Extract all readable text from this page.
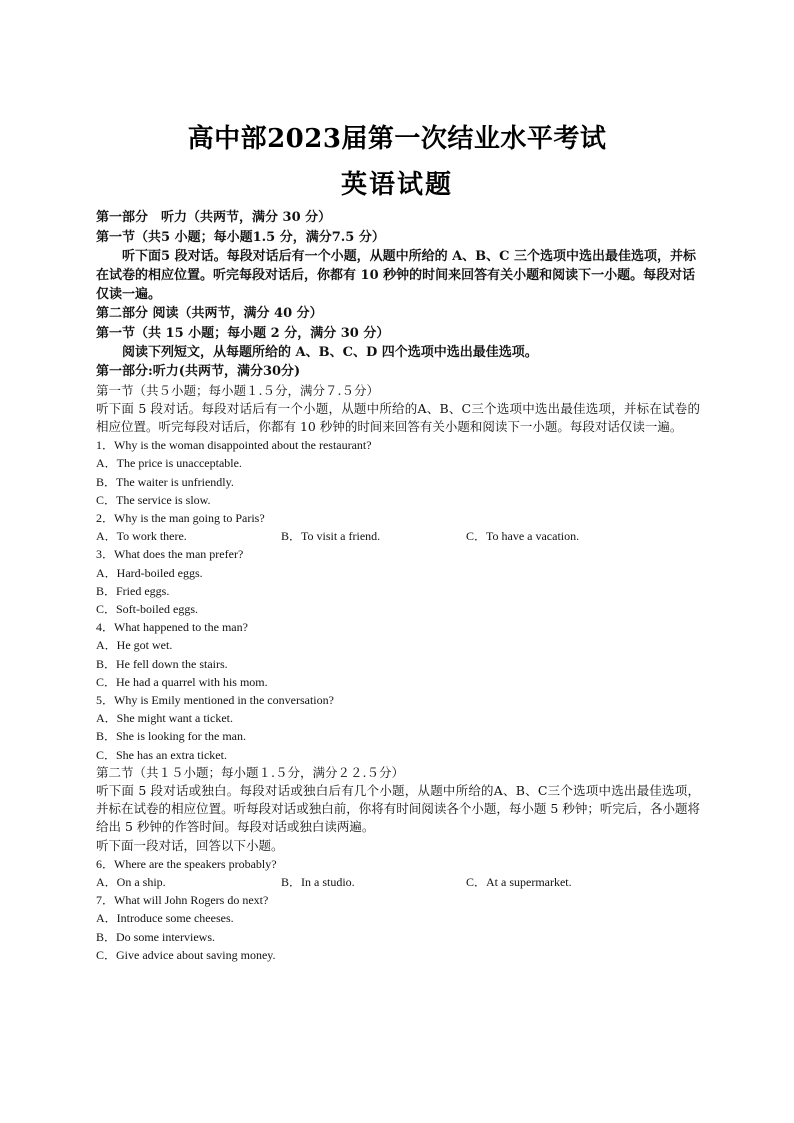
高中部2023届第一次结业水平考试
英语试题

第一部分　听力（共两节，满分 30 分）

第一节（共5 小题；每小题1.5 分，满分7.5 分）

听下面5 段对话。每段对话后有一个小题，从题中所给的 A、B、C 三个选项中选出最佳选项，并标在试卷的相应位置。听完每段对话后，你都有 10 秒钟的时间来回答有关小题和阅读下一小题。每段对话仅读一遍。

第二部分 阅读（共两节，满分 40 分）

第一节（共 15 小题；每小题 2 分，满分 30 分）

阅读下列短文，从每题所给的 A、B、C、D 四个选项中选出最佳选项。

第一部分:听力(共两节，满分30分)

第一节（共５小题；每小题１.５分，满分７.５分）

听下面 5 段对话。每段对话后有一个小题，从题中所给的A、B、C三个选项中选出最佳选项，并标在试卷的相应位置。听完每段对话后，你都有 10 秒钟的时间来回答有关小题和阅读下一小题。每段对话仅读一遍。

1．Why is the woman disappointed about the restaurant?

A．The price is unacceptable.

B．The waiter is unfriendly.

C．The service is slow.

2．Why is the man going to Paris?

A．To work there.	B．To visit a friend.	C．To have a vacation.

3．What does the man prefer?

A．Hard-boiled eggs.

B．Fried eggs.

C．Soft-boiled eggs.

4．What happened to the man?

A．He got wet.

B．He fell down the stairs.

C．He had a quarrel with his mom.

5．Why is Emily mentioned in the conversation?

A．She might want a ticket.

B．She is looking for the man.

C．She has an extra ticket.

第二节（共１５小题；每小题１.５分，满分２２.５分）

听下面 5 段对话或独白。每段对话或独白后有几个小题，从题中所给的A、B、C三个选项中选出最佳选项，并标在试卷的相应位置。听每段对话或独白前，你将有时间阅读各个小题，每小题 5 秒钟；听完后，各小题将给出 5 秒钟的作答时间。每段对话或独白读两遍。

听下面一段对话，回答以下小题。

6．Where are the speakers probably?

A．On a ship.	B．In a studio.	C．At a supermarket.

7．What will John Rogers do next?

A．Introduce some cheeses.

B．Do some interviews.

C．Give advice about saving money.
